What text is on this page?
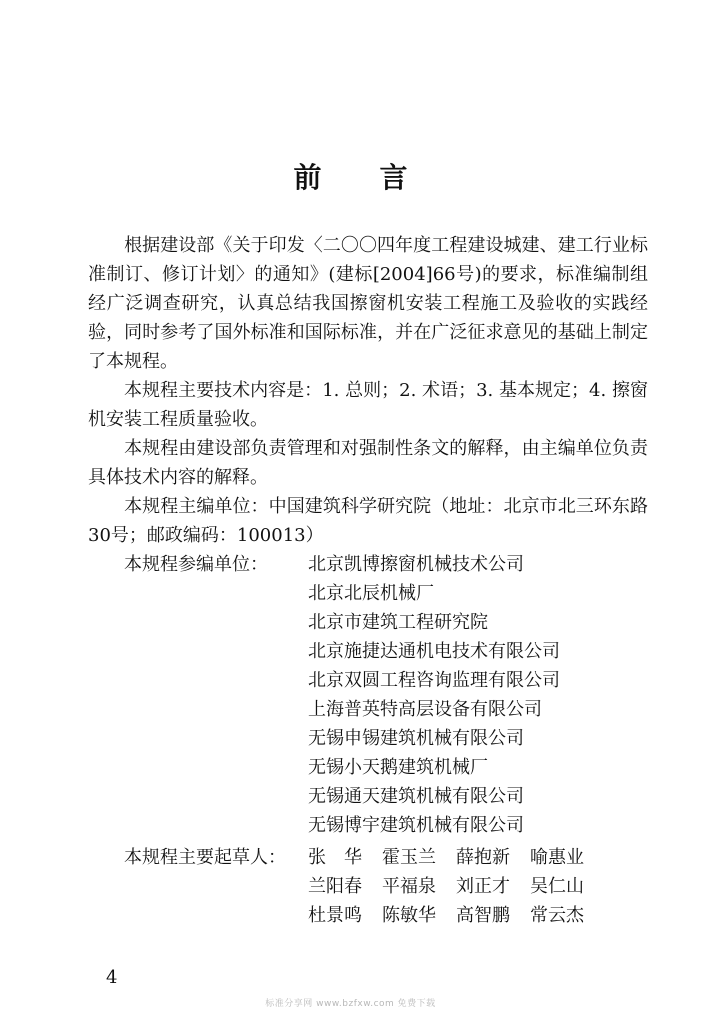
前 言

根据建设部《关于印发〈二〇〇四年度工程建设城建、建工行业标准制订、修订计划〉的通知》(建标[2004]66号)的要求，标准编制组经广泛调查研究，认真总结我国擦窗机安装工程施工及验收的实践经验，同时参考了国外标准和国际标准，并在广泛征求意见的基础上制定了本规程。

本规程主要技术内容是：1. 总则；2. 术语；3. 基本规定；4. 擦窗机安装工程质量验收。

本规程由建设部负责管理和对强制性条文的解释，由主编单位负责具体技术内容的解释。

本规程主编单位：中国建筑科学研究院（地址：北京市北三环东路30号；邮政编码：100013）

本规程参编单位： 北京凯博擦窗机械技术公司
北京北辰机械厂
北京市建筑工程研究院
北京施捷达通机电技术有限公司
北京双圆工程咨询监理有限公司
上海普英特高层设备有限公司
无锡申锡建筑机械有限公司
无锡小天鹅建筑机械厂
无锡通天建筑机械有限公司
无锡博宇建筑机械有限公司
本规程主要起草人： 张　华	霍玉兰	薛抱新	喻惠业
兰阳春	平福泉	刘正才	吴仁山
杜景鸣	陈敏华	高智鹏	常云杰
4
标准分享网 www.bzfxw.com 免费下载
